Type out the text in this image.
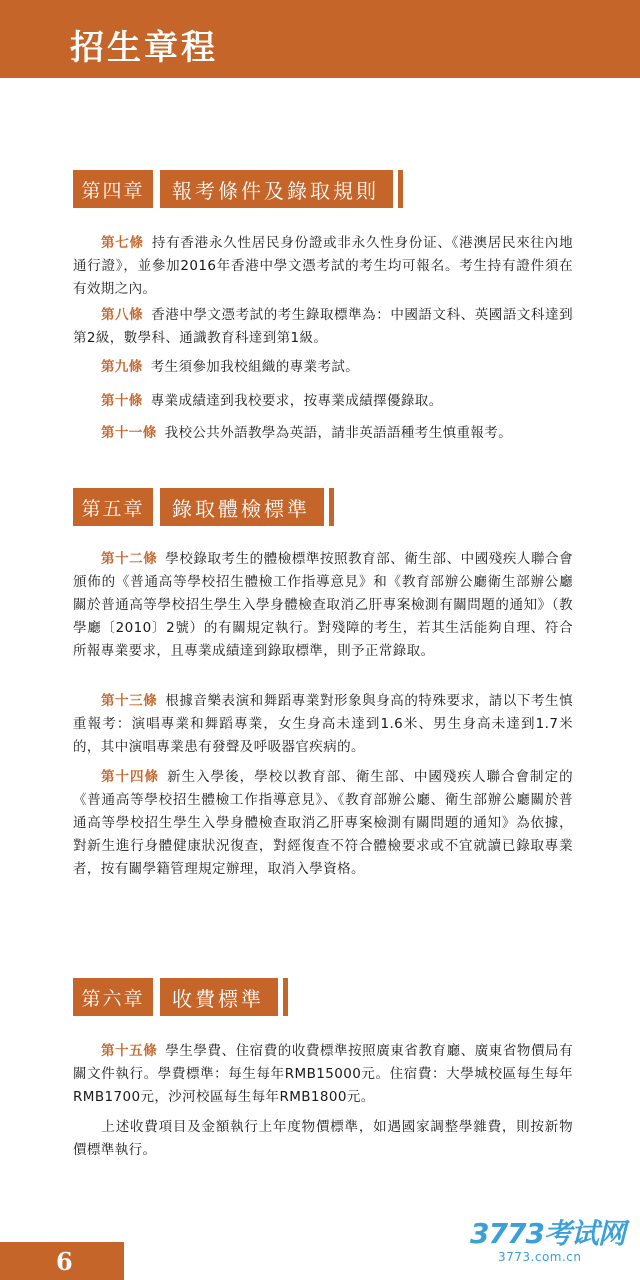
招生章程
第四章	報考條件及錄取規則
第七條 持有香港永久性居民身份證或非永久性身份证、《港澳居民來往內地通行證》，並參加2016年香港中學文憑考試的考生均可報名。考生持有證件須在有效期之內。
第八條 香港中學文憑考試的考生錄取標準為：中國語文科、英國語文科達到第2級，數學科、通識教育科達到第1級。
第九條 考生須參加我校組織的專業考試。
第十條 專業成績達到我校要求，按專業成績擇優錄取。
第十一條 我校公共外語教學為英語，請非英語語種考生慎重報考。
第五章	錄取體檢標準
第十二條 學校錄取考生的體檢標準按照教育部、衛生部、中國殘疾人聯合會頒佈的《普通高等學校招生體檢工作指導意見》和《教育部辦公廳衛生部辦公廳關於普通高等學校招生學生入學身體檢查取消乙肝專案檢測有關問題的通知》（教學廳〔2010〕2號）的有關規定執行。對殘障的考生，若其生活能夠自理、符合所報專業要求，且專業成績達到錄取標準，則予正常錄取。
第十三條 根據音樂表演和舞蹈專業對形象與身高的特殊要求，請以下考生慎重報考：演唱專業和舞蹈專業，女生身高未達到1.6米、男生身高未達到1.7米的，其中演唱專業患有發聲及呼吸器官疾病的。
第十四條 新生入學後，學校以教育部、衛生部、中國殘疾人聯合會制定的《普通高等學校招生體檢工作指導意見》、《教育部辦公廳、衛生部辦公廳關於普通高等學校招生學生入學身體檢查取消乙肝專案檢測有關問題的通知》為依據，對新生進行身體健康狀況復查，對經復查不符合體檢要求或不宜就讀已錄取專業者，按有關學籍管理規定辦理，取消入學資格。
第六章	收費標準
第十五條 學生學費、住宿費的收費標準按照廣東省教育廳、廣東省物價局有關文件執行。學費標準：每生每年RMB15000元。住宿費：大學城校區每生每年RMB1700元，沙河校區每生每年RMB1800元。
上述收費項目及金額執行上年度物價標準，如遇國家調整學雜費，則按新物價標準執行。
6
3773考试网
3773.com.cn
